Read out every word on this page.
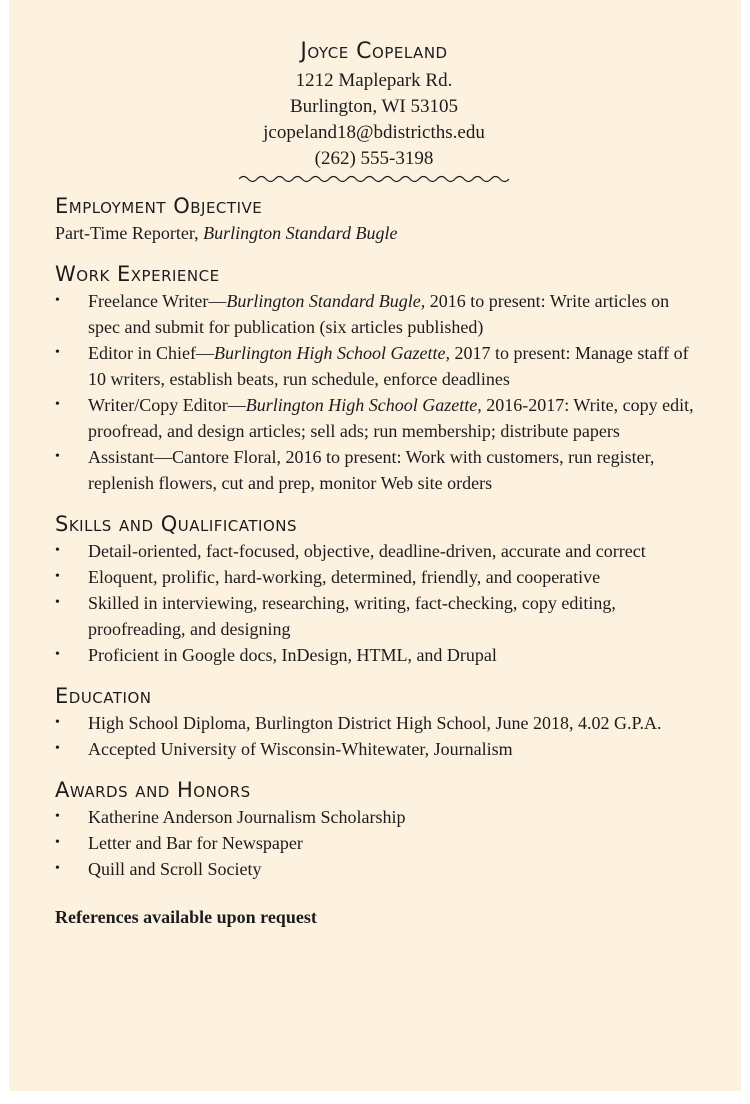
Joyce Copeland
1212 Maplepark Rd.
Burlington, WI 53105
jcopeland18@bdistricths.edu
(262) 555-3198
Employment Objective
Part-Time Reporter, Burlington Standard Bugle
Work Experience
• Freelance Writer—Burlington Standard Bugle, 2016 to present: Write articles on spec and submit for publication (six articles published)
• Editor in Chief—Burlington High School Gazette, 2017 to present: Manage staff of 10 writers, establish beats, run schedule, enforce deadlines
• Writer/Copy Editor—Burlington High School Gazette, 2016-2017: Write, copy edit, proofread, and design articles; sell ads; run membership; distribute papers
• Assistant—Cantore Floral, 2016 to present: Work with customers, run register, replenish flowers, cut and prep, monitor Web site orders
Skills and Qualifications
• Detail-oriented, fact-focused, objective, deadline-driven, accurate and correct
• Eloquent, prolific, hard-working, determined, friendly, and cooperative
• Skilled in interviewing, researching, writing, fact-checking, copy editing, proofreading, and designing
• Proficient in Google docs, InDesign, HTML, and Drupal
Education
• High School Diploma, Burlington District High School, June 2018, 4.02 G.P.A.
• Accepted University of Wisconsin-Whitewater, Journalism
Awards and Honors
• Katherine Anderson Journalism Scholarship
• Letter and Bar for Newspaper
• Quill and Scroll Society
References available upon request
